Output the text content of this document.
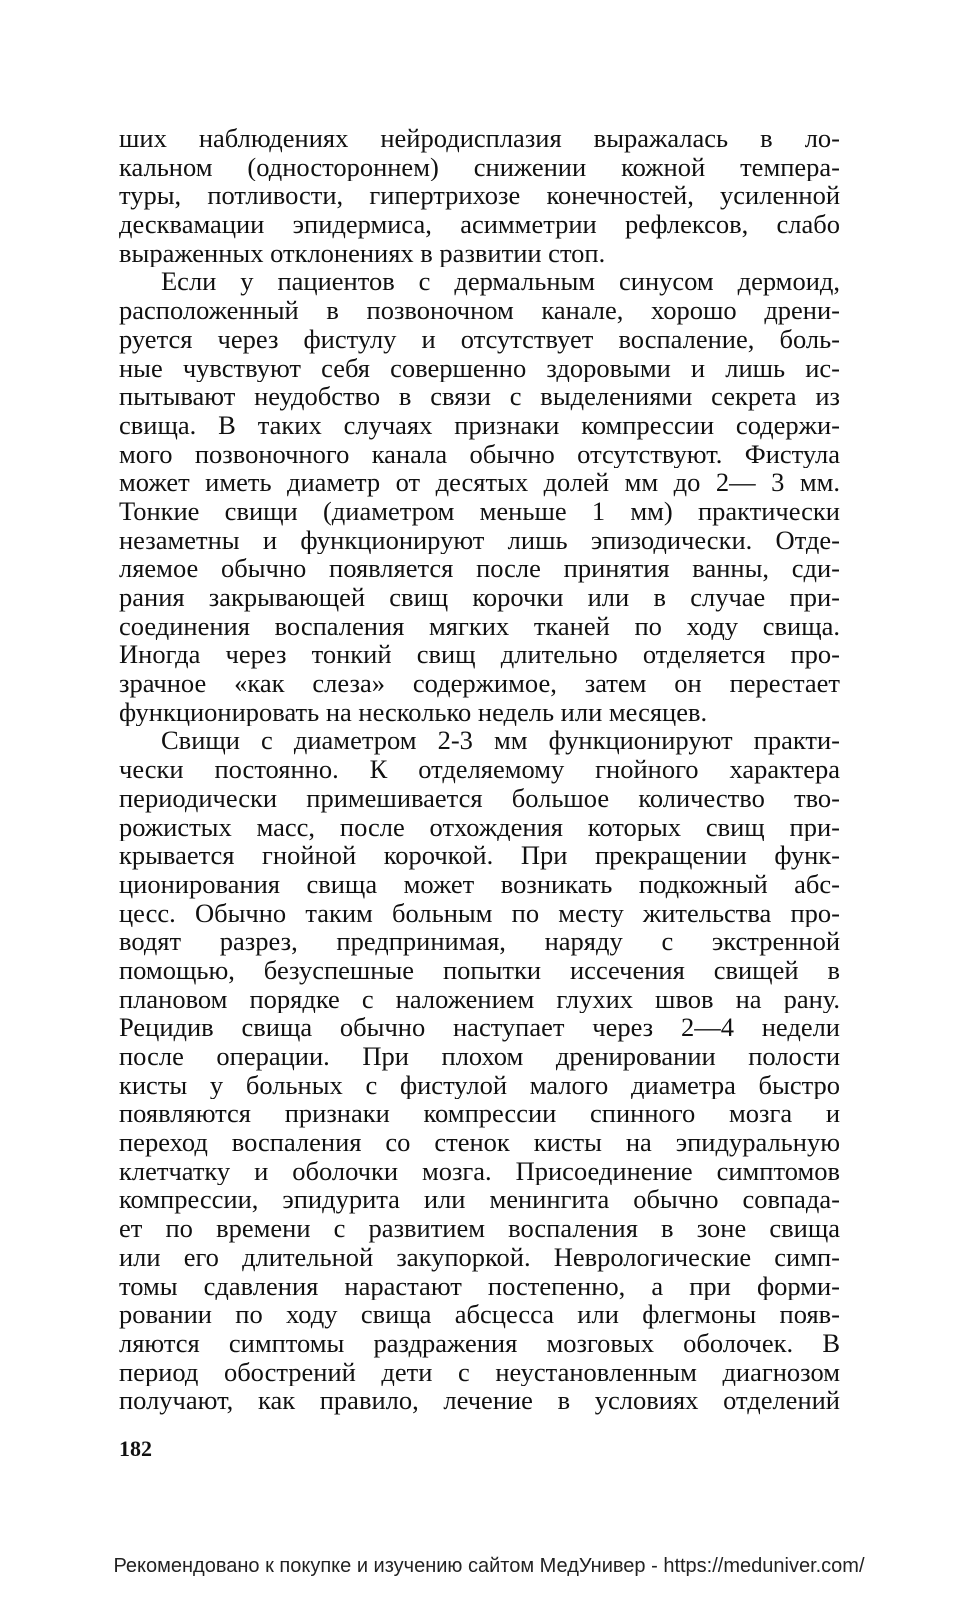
ших наблюдениях нейродисплазия выражалась в ло-
кальном (одностороннем) снижении кожной темпера-
туры, потливости, гипертрихозе конечностей, усиленной
десквамации эпидермиса, асимметрии рефлексов, слабо
выраженных отклонениях в развитии стоп.
Если у пациентов с дермальным синусом дермоид,
расположенный в позвоночном канале, хорошо дрени-
руется через фистулу и отсутствует воспаление, боль-
ные чувствуют себя совершенно здоровыми и лишь ис-
пытывают неудобство в связи с выделениями секрета из
свища. В таких случаях признаки компрессии содержи-
мого позвоночного канала обычно отсутствуют. Фистула
может иметь диаметр от десятых долей мм до 2— 3 мм.
Тонкие свищи (диаметром меньше 1 мм) практически
незаметны и функционируют лишь эпизодически. Отде-
ляемое обычно появляется после принятия ванны, сди-
рания закрывающей свищ корочки или в случае при-
соединения воспаления мягких тканей по ходу свища.
Иногда через тонкий свищ длительно отделяется про-
зрачное «как слеза» содержимое, затем он перестает
функционировать на несколько недель или месяцев.
Свищи с диаметром 2-3 мм функционируют практи-
чески постоянно. К отделяемому гнойного характера
периодически примешивается большое количество тво-
рожистых масс, после отхождения которых свищ при-
крывается гнойной корочкой. При прекращении функ-
ционирования свища может возникать подкожный абс-
цесс. Обычно таким больным по месту жительства про-
водят разрез, предпринимая, наряду с экстренной
помощью, безуспешные попытки иссечения свищей в
плановом порядке с наложением глухих швов на рану.
Рецидив свища обычно наступает через 2—4 недели
после операции. При плохом дренировании полости
кисты у больных с фистулой малого диаметра быстро
появляются признаки компрессии спинного мозга и
переход воспаления со стенок кисты на эпидуральную
клетчатку и оболочки мозга. Присоединение симптомов
компрессии, эпидурита или менингита обычно совпада-
ет по времени с развитием воспаления в зоне свища
или его длительной закупоркой. Неврологические симп-
томы сдавления нарастают постепенно, а при форми-
ровании по ходу свища абсцесса или флегмоны появ-
ляются симптомы раздражения мозговых оболочек. В
период обострений дети с неустановленным диагнозом
получают, как правило, лечение в условиях отделений
182
Рекомендовано к покупке и изучению сайтом МедУнивер - https://meduniver.com/
